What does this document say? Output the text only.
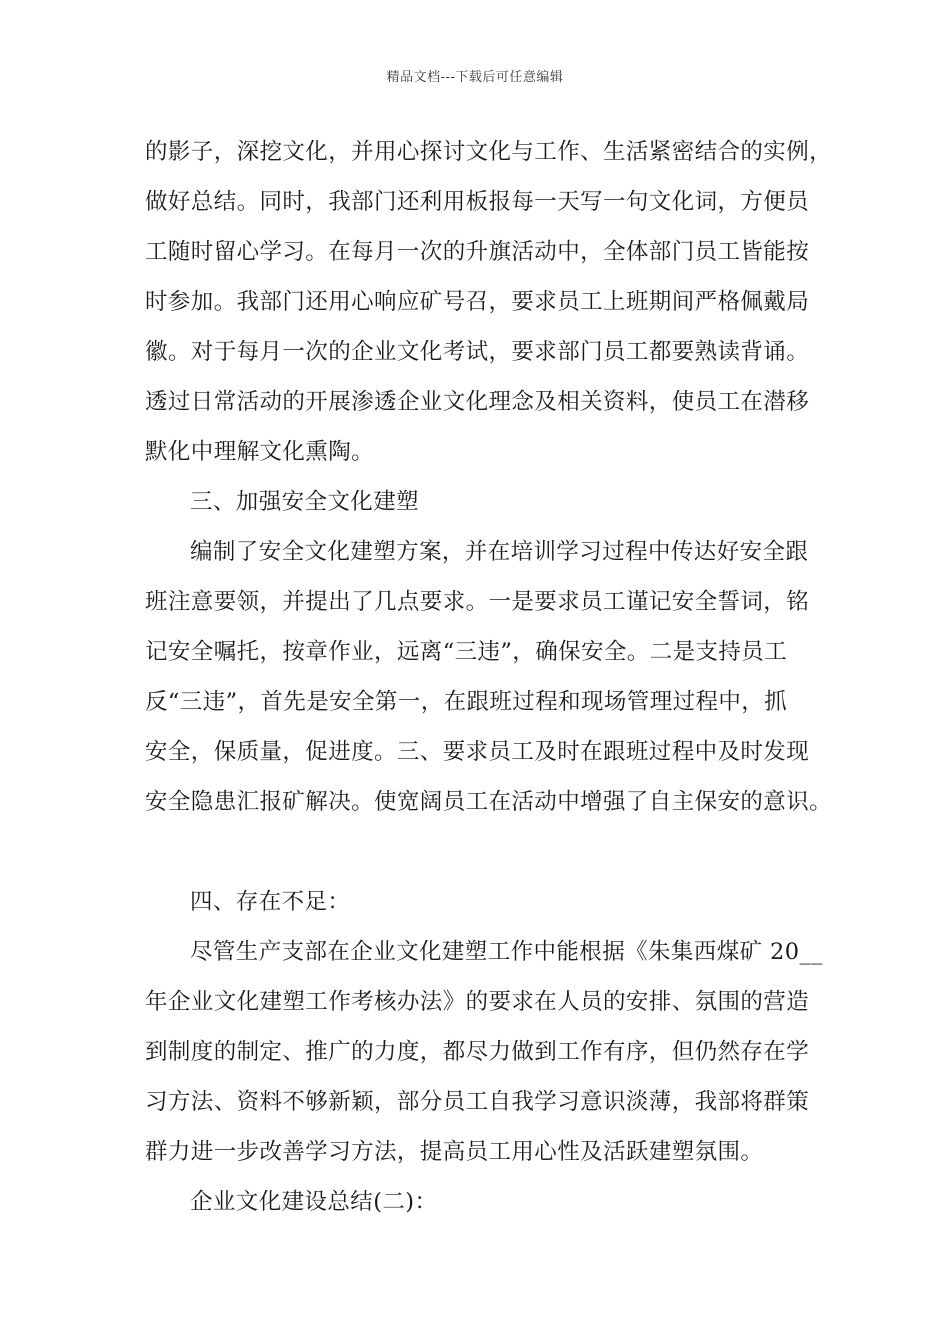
精品文档---下载后可任意编辑
的影子，深挖文化，并用心探讨文化与工作、生活紧密结合的实例，
做好总结。同时，我部门还利用板报每一天写一句文化词，方便员
工随时留心学习。在每月一次的升旗活动中，全体部门员工皆能按
时参加。我部门还用心响应矿号召，要求员工上班期间严格佩戴局
徽。对于每月一次的企业文化考试，要求部门员工都要熟读背诵。
透过日常活动的开展渗透企业文化理念及相关资料，使员工在潜移
默化中理解文化熏陶。
三、加强安全文化建塑
编制了安全文化建塑方案，并在培训学习过程中传达好安全跟
班注意要领，并提出了几点要求。一是要求员工谨记安全誓词，铭
记安全嘱托，按章作业，远离“三违”，确保安全。二是支持员工
反“三违”，首先是安全第一，在跟班过程和现场管理过程中，抓
安全，保质量，促进度。三、要求员工及时在跟班过程中及时发现
安全隐患汇报矿解决。使宽阔员工在活动中增强了自主保安的意识。
四、存在不足：
尽管生产支部在企业文化建塑工作中能根据《朱集西煤矿 20__
年企业文化建塑工作考核办法》的要求在人员的安排、氛围的营造
到制度的制定、推广的力度，都尽力做到工作有序，但仍然存在学
习方法、资料不够新颖，部分员工自我学习意识淡薄，我部将群策
群力进一步改善学习方法，提高员工用心性及活跃建塑氛围。
企业文化建设总结(二)：
